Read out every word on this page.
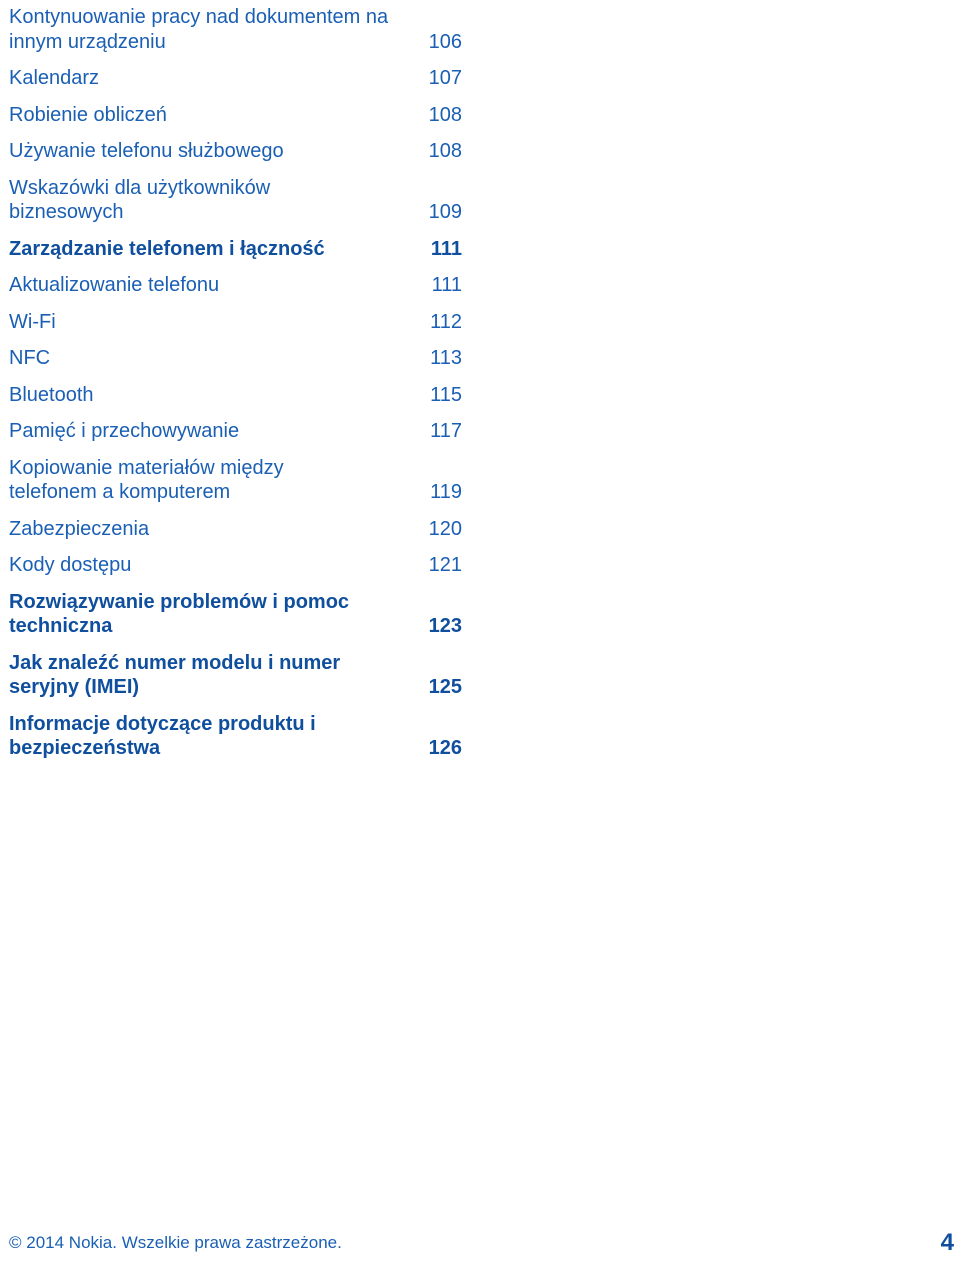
Kontynuowanie pracy nad dokumentem na innym urządzeniu	106
Kalendarz	107
Robienie obliczeń	108
Używanie telefonu służbowego	108
Wskazówki dla użytkowników biznesowych	109
Zarządzanie telefonem i łączność	111
Aktualizowanie telefonu	111
Wi-Fi	112
NFC	113
Bluetooth	115
Pamięć i przechowywanie	117
Kopiowanie materiałów między telefonem a komputerem	119
Zabezpieczenia	120
Kody dostępu	121
Rozwiązywanie problemów i pomoc techniczna	123
Jak znaleźć numer modelu i numer seryjny (IMEI)	125
Informacje dotyczące produktu i bezpieczeństwa	126
© 2014 Nokia. Wszelkie prawa zastrzeżone.	4
